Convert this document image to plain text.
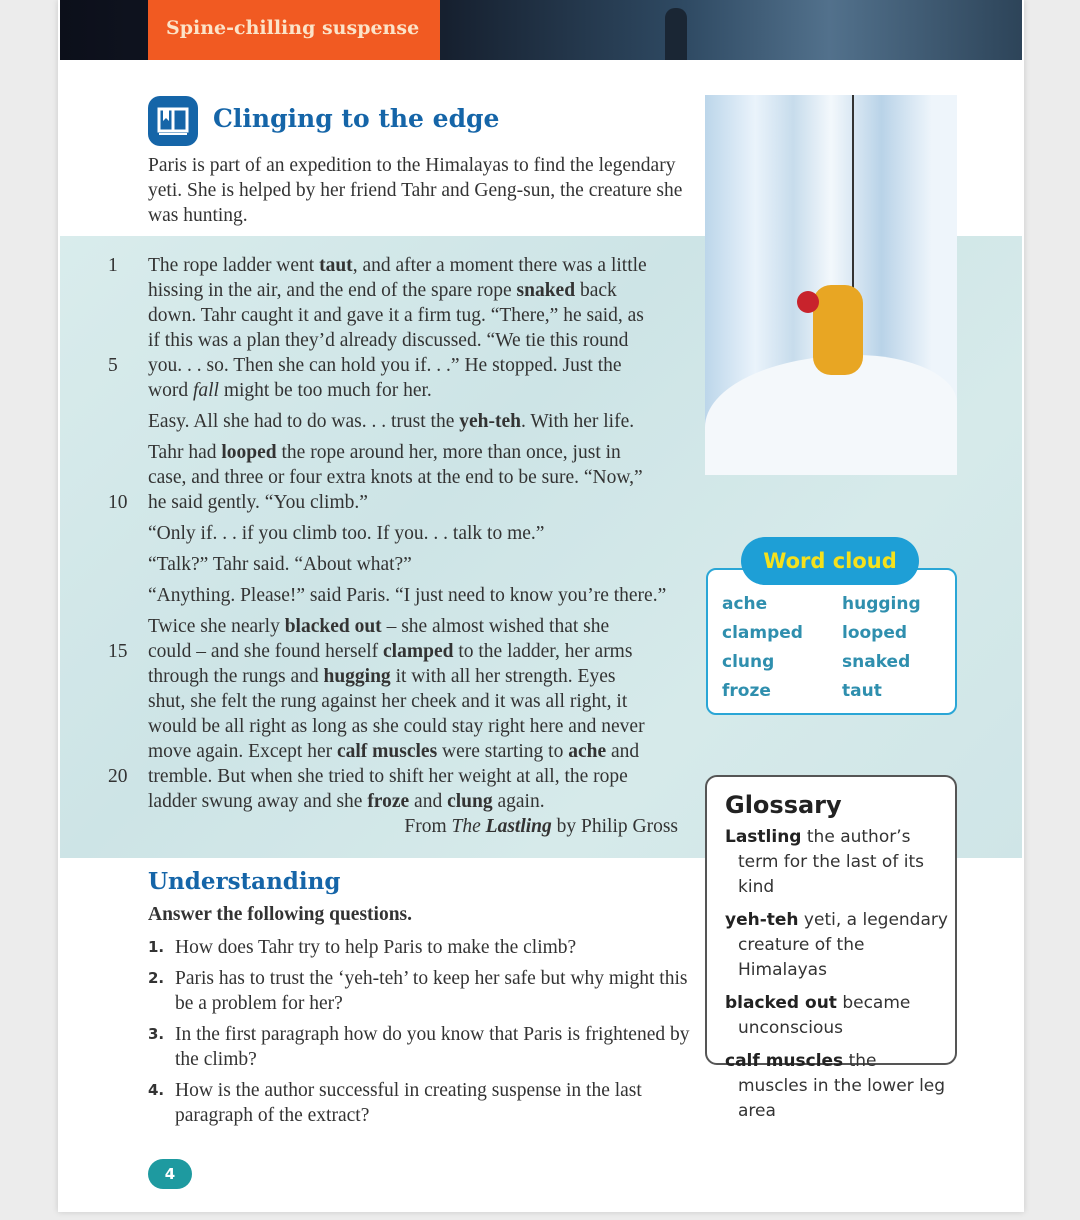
Spine-chilling suspense
Clinging to the edge
Paris is part of an expedition to the Himalayas to find the legendary yeti. She is helped by her friend Tahr and Geng-sun, the creature she was hunting.
1	The rope ladder went taut, and after a moment there was a little
hissing in the air, and the end of the spare rope snaked back
down. Tahr caught it and gave it a firm tug. “There,” he said, as
if this was a plan they’d already discussed. “We tie this round
5	you. . . so. Then she can hold you if. . .” He stopped. Just the
word fall might be too much for her.
Easy. All she had to do was. . . trust the yeh-teh. With her life.
Tahr had looped the rope around her, more than once, just in
case, and three or four extra knots at the end to be sure. “Now,”
10 he said gently. “You climb.”
“Only if. . . if you climb too. If you. . . talk to me.”
“Talk?” Tahr said. “About what?”
“Anything. Please!” said Paris. “I just need to know you’re there.”
Twice she nearly blacked out – she almost wished that she
15 could – and she found herself clamped to the ladder, her arms
through the rungs and hugging it with all her strength. Eyes
shut, she felt the rung against her cheek and it was all right, it
would be all right as long as she could stay right here and never
move again. Except her calf muscles were starting to ache and
20 tremble. But when she tried to shift her weight at all, the rope
ladder swung away and she froze and clung again.
From The Lastling by Philip Gross
ache
clamped
clung
froze
hugging
looped
snaked
taut
Word cloud
Glossary
Lastling the author’s term for the last of its kind
yeh-teh yeti, a legendary creature of the Himalayas
blacked out became unconscious
calf muscles the muscles in the lower leg area
Understanding
Answer the following questions.
1. How does Tahr try to help Paris to make the climb?
2. Paris has to trust the ‘yeh-teh’ to keep her safe but why might this be a problem for her?
3. In the first paragraph how do you know that Paris is frightened by the climb?
4. How is the author successful in creating suspense in the last paragraph of the extract?
4
